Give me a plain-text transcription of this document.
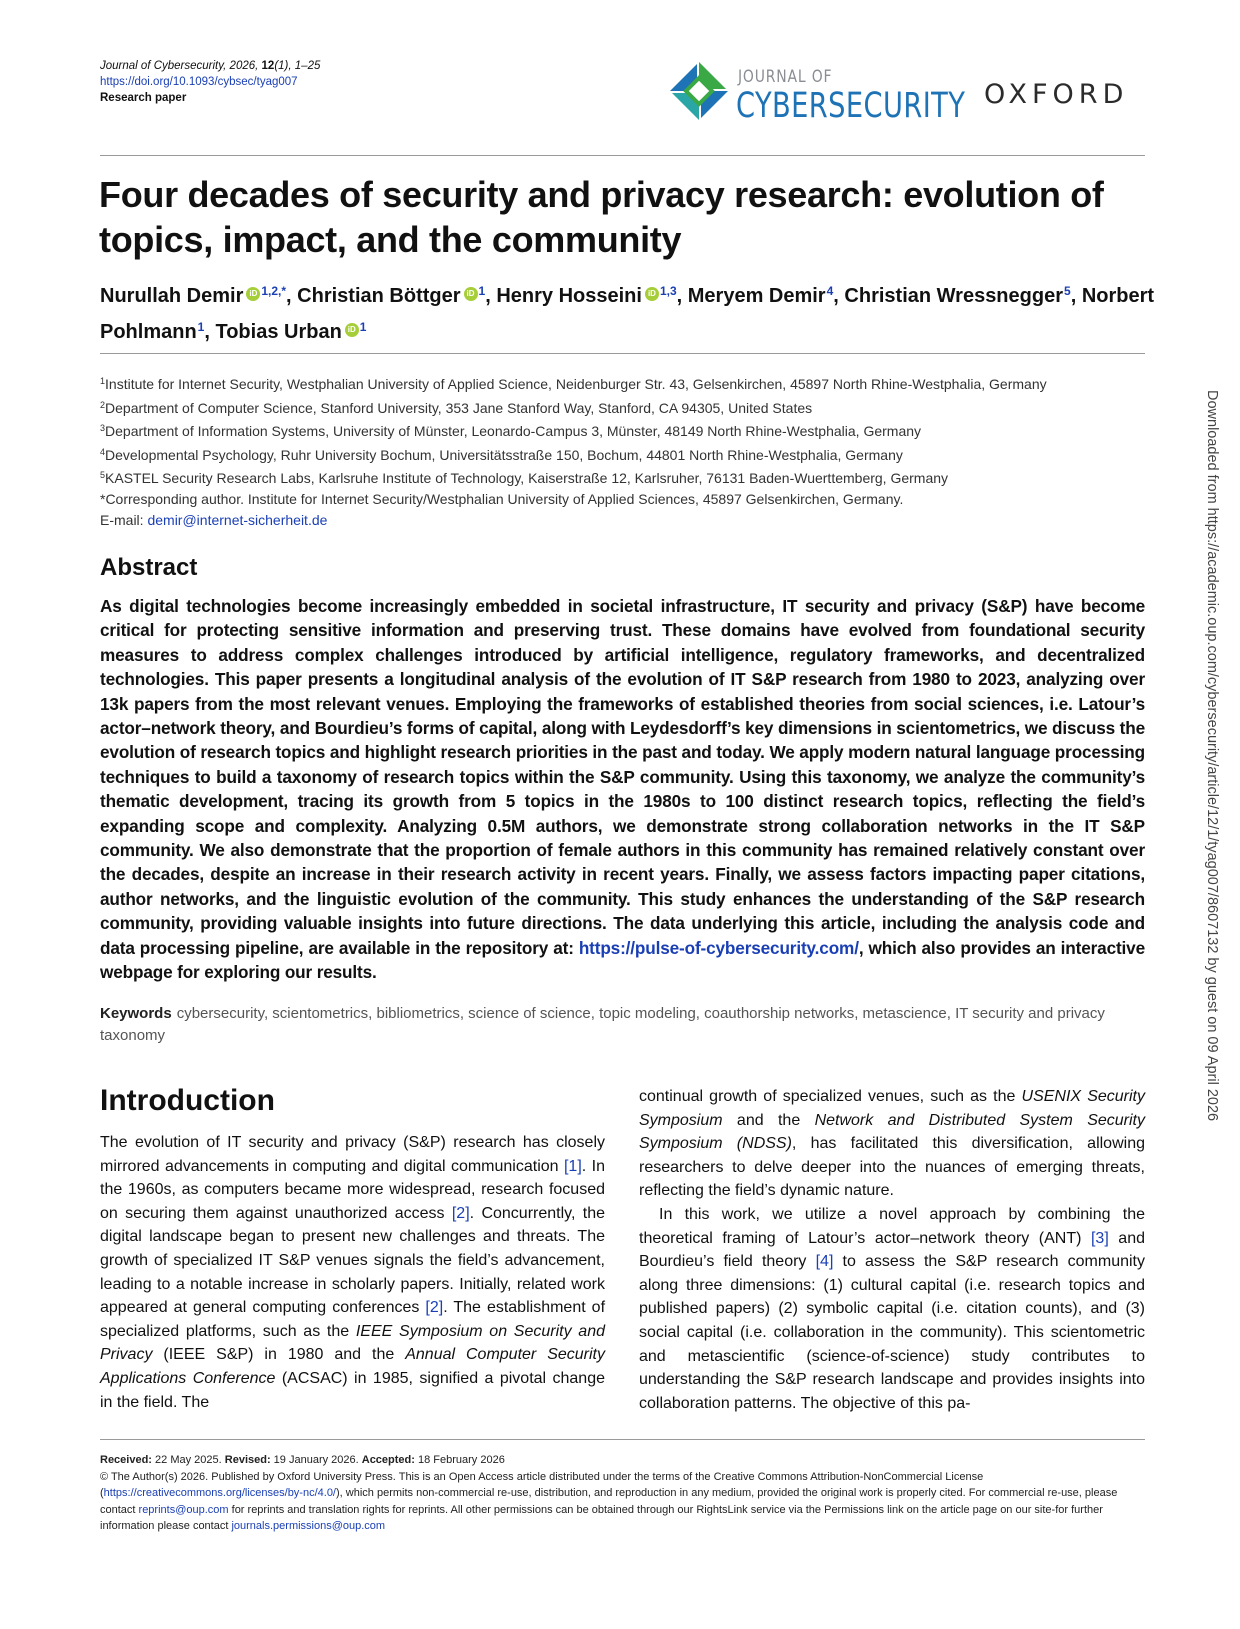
Journal of Cybersecurity, 2026, 12(1), 1–25
https://doi.org/10.1093/cybsec/tyag007
Research paper
JOURNAL OF
CYBERSECURITY OXFORD
Four decades of security and privacy research: evolution of topics, impact, and the community
Nurullah Demir iD $^{1,2,*}$, Christian Böttger iD $^1$, Henry Hosseini iD $^{1,3}$, Meryem Demir$^4$, Christian Wressnegger$^5$, Norbert Pohlmann$^1$, Tobias Urban iD $^1$
$^1$Institute for Internet Security, Westphalian University of Applied Science, Neidenburger Str. 43, Gelsenkirchen, 45897 North Rhine-Westphalia, Germany
$^2$Department of Computer Science, Stanford University, 353 Jane Stanford Way, Stanford, CA 94305, United States
$^3$Department of Information Systems, University of Münster, Leonardo-Campus 3, Münster, 48149 North Rhine-Westphalia, Germany
$^4$Developmental Psychology, Ruhr University Bochum, Universitätsstraße 150, Bochum, 44801 North Rhine-Westphalia, Germany
$^5$KASTEL Security Research Labs, Karlsruhe Institute of Technology, Kaiserstraße 12, Karlsruher, 76131 Baden-Wuerttemberg, Germany
*Corresponding author. Institute for Internet Security/Westphalian University of Applied Sciences, 45897 Gelsenkirchen, Germany.
E-mail: demir@internet-sicherheit.de	Downloaded from https://academic.oup.com/cybersecurity/article/12/1/tyag007/8607132 by guest on 09 April 2026
Abstract

As digital technologies become increasingly embedded in societal infrastructure, IT security and privacy (S&P) have become critical for protecting sensitive information and preserving trust. These domains have evolved from foundational security measures to address complex challenges introduced by artificial intelligence, regulatory frameworks, and decentralized technologies. This paper presents a longitudinal analysis of the evolution of IT S&P research from 1980 to 2023, analyzing over 13k papers from the most relevant venues. Employing the frameworks of established theories from social sciences, i.e. Latour’s actor–network theory, and Bourdieu’s forms of capital, along with Leydesdorff’s key dimensions in scientometrics, we discuss the evolution of research topics and highlight research priorities in the past and today. We apply modern natural language processing techniques to build a taxonomy of research topics within the S&P community. Using this taxonomy, we analyze the community’s thematic development, tracing its growth from 5 topics in the 1980s to 100 distinct research topics, reflecting the field’s expanding scope and complexity. Analyzing 0.5M authors, we demonstrate strong collaboration networks in the IT S&P community. We also demonstrate that the proportion of female authors in this community has remained relatively constant over the decades, despite an increase in their research activity in recent years. Finally, we assess factors impacting paper citations, author networks, and the linguistic evolution of the community. This study enhances the understanding of the S&P research community, providing valuable insights into future directions. The data underlying this article, including the analysis code and data processing pipeline, are available in the repository at: https://pulse-of-cybersecurity.com/, which also provides an interactive webpage for exploring our results.

Keywords cybersecurity, scientometrics, bibliometrics, science of science, topic modeling, coauthorship networks, metascience, IT security and privacy taxonomy

Introduction

The evolution of IT security and privacy (S&P) research has closely mirrored advancements in computing and digital communication [1]. In the 1960s, as computers became more widespread, research focused on securing them against unauthorized access [2]. Concurrently, the digital landscape began to present new challenges and threats. The growth of specialized IT S&P venues signals the field’s advancement, leading to a notable increase in scholarly papers. Initially, related work appeared at general computing conferences [2]. The establishment of specialized platforms, such as the IEEE Symposium on Security and Privacy (IEEE S&P) in 1980 and the Annual Computer Security Applications Conference (ACSAC) in 1985, signified a pivotal change in the field. The

continual growth of specialized venues, such as the USENIX Security Symposium and the Network and Distributed System Security Symposium (NDSS), has facilitated this diversification, allowing researchers to delve deeper into the nuances of emerging threats, reflecting the field’s dynamic nature.

In this work, we utilize a novel approach by combining the theoretical framing of Latour’s actor–network theory (ANT) [3] and Bourdieu’s field theory [4] to assess the S&P research community along three dimensions: (1) cultural capital (i.e. research topics and published papers) (2) symbolic capital (i.e. citation counts), and (3) social capital (i.e. collaboration in the community). This scientometric and metascientific (science-of-science) study contributes to understanding the S&P research landscape and provides insights into collaboration patterns. The objective of this pa-

Received: 22 May 2025. Revised: 19 January 2026. Accepted: 18 February 2026
© The Author(s) 2026. Published by Oxford University Press. This is an Open Access article distributed under the terms of the Creative Commons Attribution-NonCommercial License (https://creativecommons.org/licenses/by-nc/4.0/), which permits non-commercial re-use, distribution, and reproduction in any medium, provided the original work is properly cited. For commercial re-use, please contact reprints@oup.com for reprints and translation rights for reprints. All other permissions can be obtained through our RightsLink service via the Permissions link on the article page on our site-for further information please contact journals.permissions@oup.com
